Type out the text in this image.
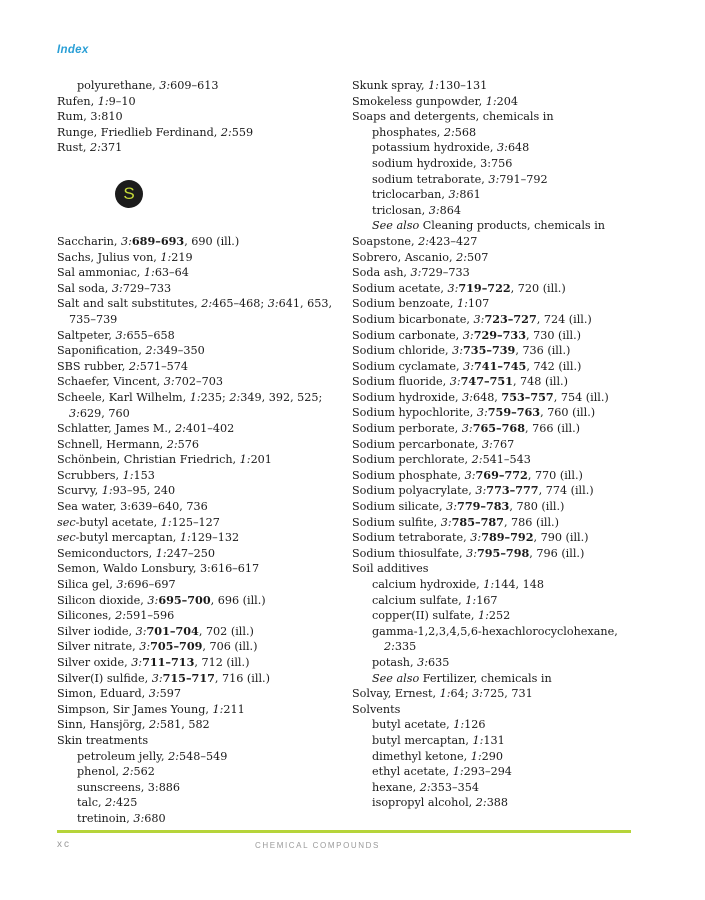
Index
polyurethane, 3:609–613
Rufen, 1:9–10
Rum, 3:810
Runge, Friedlieb Ferdinand, 2:559
Rust, 2:371
S
Saccharin, 3:689–693, 690 (ill.)
Sachs, Julius von, 1:219
Sal ammoniac, 1:63–64
Sal soda, 3:729–733
Salt and salt substitutes, 2:465–468; 3:641, 653, 735–739
Saltpeter, 3:655–658
Saponification, 2:349–350
SBS rubber, 2:571–574
Schaefer, Vincent, 3:702–703
Scheele, Karl Wilhelm, 1:235; 2:349, 392, 525; 3:629, 760
Schlatter, James M., 2:401–402
Schnell, Hermann, 2:576
Schönbein, Christian Friedrich, 1:201
Scrubbers, 1:153
Scurvy, 1:93–95, 240
Sea water, 3:639–640, 736
sec-butyl acetate, 1:125–127
sec-butyl mercaptan, 1:129–132
Semiconductors, 1:247–250
Semon, Waldo Lonsbury, 3:616–617
Silica gel, 3:696–697
Silicon dioxide, 3:695–700, 696 (ill.)
Silicones, 2:591–596
Silver iodide, 3:701–704, 702 (ill.)
Silver nitrate, 3:705–709, 706 (ill.)
Silver oxide, 3:711–713, 712 (ill.)
Silver(I) sulfide, 3:715–717, 716 (ill.)
Simon, Eduard, 3:597
Simpson, Sir James Young, 1:211
Sinn, Hansjörg, 2:581, 582
Skin treatments
petroleum jelly, 2:548–549
phenol, 2:562
sunscreens, 3:886
talc, 2:425
tretinoin, 3:680
Skunk spray, 1:130–131
Smokeless gunpowder, 1:204
Soaps and detergents, chemicals in
phosphates, 2:568
potassium hydroxide, 3:648
sodium hydroxide, 3:756
sodium tetraborate, 3:791–792
triclocarban, 3:861
triclosan, 3:864
See also Cleaning products, chemicals in
Soapstone, 2:423–427
Sobrero, Ascanio, 2:507
Soda ash, 3:729–733
Sodium acetate, 3:719–722, 720 (ill.)
Sodium benzoate, 1:107
Sodium bicarbonate, 3:723–727, 724 (ill.)
Sodium carbonate, 3:729–733, 730 (ill.)
Sodium chloride, 3:735–739, 736 (ill.)
Sodium cyclamate, 3:741–745, 742 (ill.)
Sodium fluoride, 3:747–751, 748 (ill.)
Sodium hydroxide, 3:648, 753–757, 754 (ill.)
Sodium hypochlorite, 3:759–763, 760 (ill.)
Sodium perborate, 3:765–768, 766 (ill.)
Sodium percarbonate, 3:767
Sodium perchlorate, 2:541–543
Sodium phosphate, 3:769–772, 770 (ill.)
Sodium polyacrylate, 3:773–777, 774 (ill.)
Sodium silicate, 3:779–783, 780 (ill.)
Sodium sulfite, 3:785–787, 786 (ill.)
Sodium tetraborate, 3:789–792, 790 (ill.)
Sodium thiosulfate, 3:795–798, 796 (ill.)
Soil additives
calcium hydroxide, 1:144, 148
calcium sulfate, 1:167
copper(II) sulfate, 1:252
gamma-1,2,3,4,5,6-hexachlorocyclohexane, 2:335
potash, 3:635
See also Fertilizer, chemicals in
Solvay, Ernest, 1:64; 3:725, 731
Solvents
butyl acetate, 1:126
butyl mercaptan, 1:131
dimethyl ketone, 1:290
ethyl acetate, 1:293–294
hexane, 2:353–354
isopropyl alcohol, 2:388
xc	CHEMICAL COMPOUNDS
